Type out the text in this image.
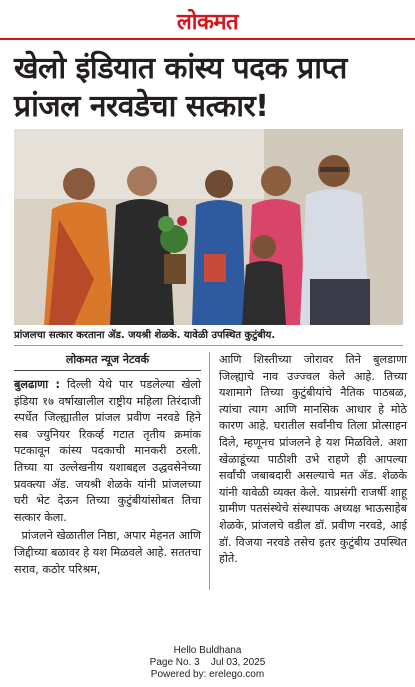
लोकमत
खेलो इंडियात कांस्य पदक प्राप्त प्रांजल नरवडेचा सत्कार!
प्रांजलचा सत्कार करताना ॲड. जयश्री शेळके. यावेळी उपस्थित कुटुंबीय.
लोकमत न्यूज नेटवर्क

बुलढाणा : दिल्ली येथे पार पडलेल्या खेलो इंडिया १७ वर्षाखालील राष्ट्रीय महिला तिरंदाजी स्पर्धेत जिल्ह्यातील प्रांजल प्रवीण नरवडे हिने सब ज्युनियर रिकर्व्ह गटात तृतीय क्रमांक पटकावून कांस्य पदकाची मानकरी ठरली. तिच्या या उल्लेखनीय यशाबद्दल उद्धवसेनेच्या प्रवक्त्या ॲड. जयश्री शेळके यांनी प्रांजलच्या घरी भेट देऊन तिच्या कुटुंबीयांसोबत तिचा सत्कार केला.

प्रांजलने खेळातील निष्ठा, अपार मेहनत आणि जिद्दीच्या बळावर हे यश मिळवले आहे. सततचा सराव, कठोर परिश्रम,

आणि शिस्तीच्या जोरावर तिने बुलडाणा जिल्ह्याचे नाव उज्ज्वल केले आहे. तिच्या यशामागे तिच्या कुटुंबीयांचे नैतिक पाठबळ, त्यांचा त्याग आणि मानसिक आधार हे मोठे कारण आहे. घरातील सर्वांनीच तिला प्रोत्साहन दिले, म्हणूनच प्रांजलने हे यश मिळविले. अशा खेळाडूंच्या पाठीशी उभे राहणे ही आपल्या सर्वांची जबाबदारी असल्याचे मत ॲड. शेळके यांनी यावेळी व्यक्त केले. याप्रसंगी राजर्षी शाहू ग्रामीण पतसंस्थेचे संस्थापक अध्यक्ष भाऊसाहेब शेळके, प्रांजलचे वडील डॉ. प्रवीण नरवडे, आई डॉ. विजया नरवडे तसेच इतर कुटुंबीय उपस्थित होते.

Hello Buldhana
Page No. 3    Jul 03, 2025
Powered by: erelego.com
